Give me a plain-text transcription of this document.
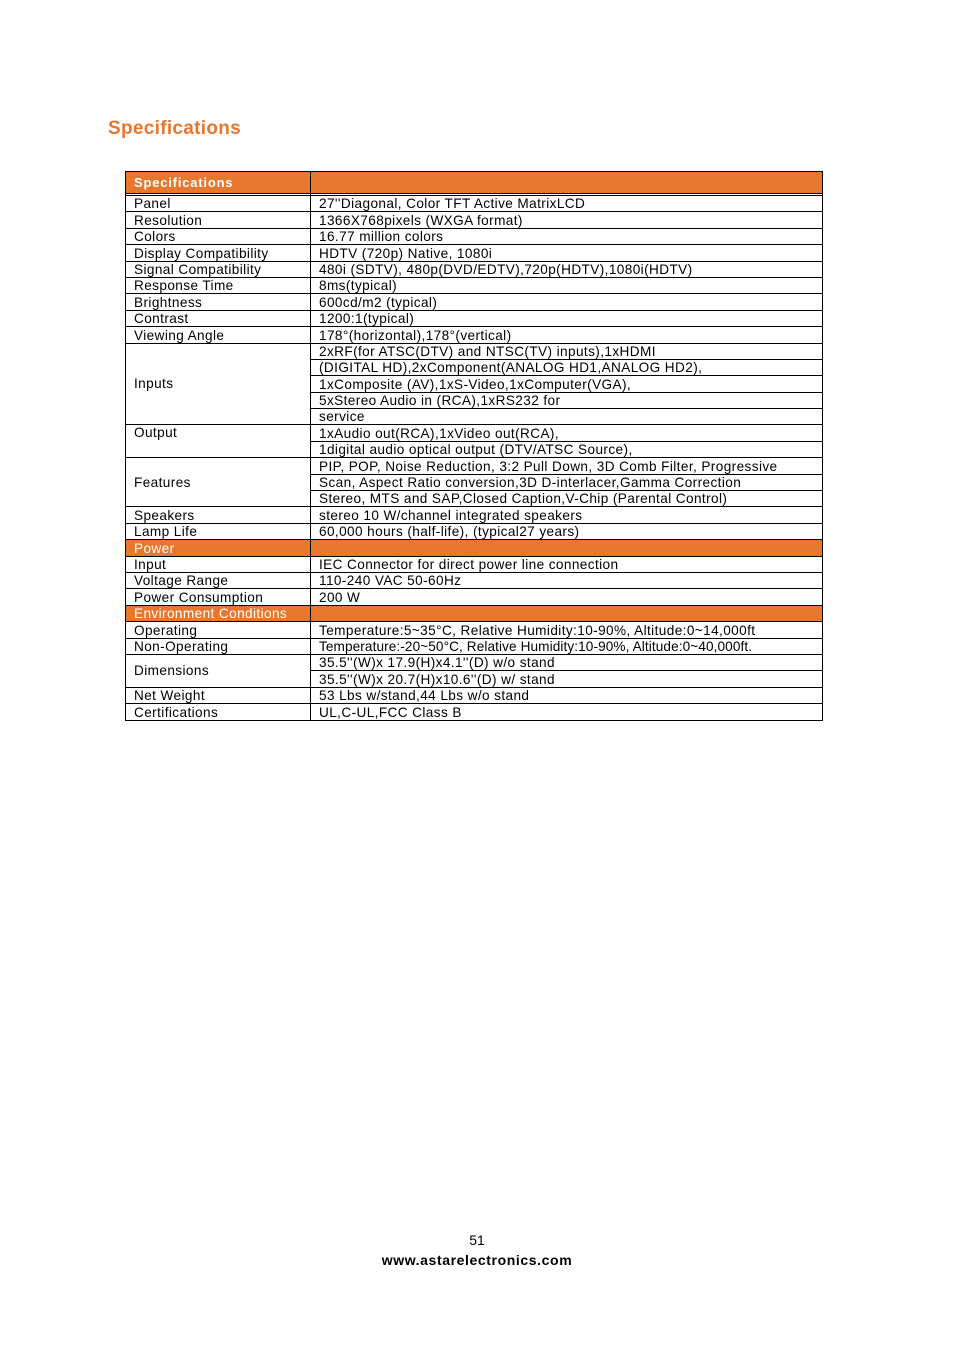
Specifications
Specifications	

Panel	27''Diagonal, Color TFT Active MatrixLCD
Resolution	1366X768pixels (WXGA format)
Colors	16.77 million colors
Display Compatibility	HDTV (720p) Native, 1080i
Signal Compatibility	480i (SDTV), 480p(DVD/EDTV),720p(HDTV),1080i(HDTV)
Response Time	8ms(typical)
Brightness	600cd/m2 (typical)
Contrast	1200:1(typical)
Viewing Angle	178°(horizontal),178°(vertical)
Inputs	2xRF(for ATSC(DTV) and NTSC(TV) inputs),1xHDMI
	(DIGITAL HD),2xComponent(ANALOG HD1,ANALOG HD2),
	1xComposite (AV),1xS-Video,1xComputer(VGA),
	5xStereo Audio in (RCA),1xRS232 for
	service
Output	1xAudio out(RCA),1xVideo out(RCA),
	1digital audio optical output (DTV/ATSC Source),
Features	PIP, POP, Noise Reduction, 3:2 Pull Down, 3D Comb Filter, Progressive
	Scan, Aspect Ratio conversion,3D D-interlacer,Gamma Correction
	Stereo, MTS and SAP,Closed Caption,V-Chip (Parental Control)
Speakers	stereo 10 W/channel integrated speakers
Lamp Life	60,000 hours (half-life), (typical27 years)
Power	
Input	IEC Connector for direct power line connection
Voltage Range	110-240 VAC 50-60Hz
Power Consumption	200 W
Environment Conditions	
Operating	Temperature:5~35°C, Relative Humidity:10-90%, Altitude:0~14,000ft
Non-Operating	Temperature:-20~50°C, Relative Humidity:10-90%, Altitude:0~40,000ft.
Dimensions	35.5''(W)x 17.9(H)x4.1''(D) w/o stand
	35.5''(W)x 20.7(H)x10.6''(D) w/ stand
Net Weight	53 Lbs w/stand,44 Lbs w/o stand
Certifications	UL,C-UL,FCC Class B
51
www.astarelectronics.com
